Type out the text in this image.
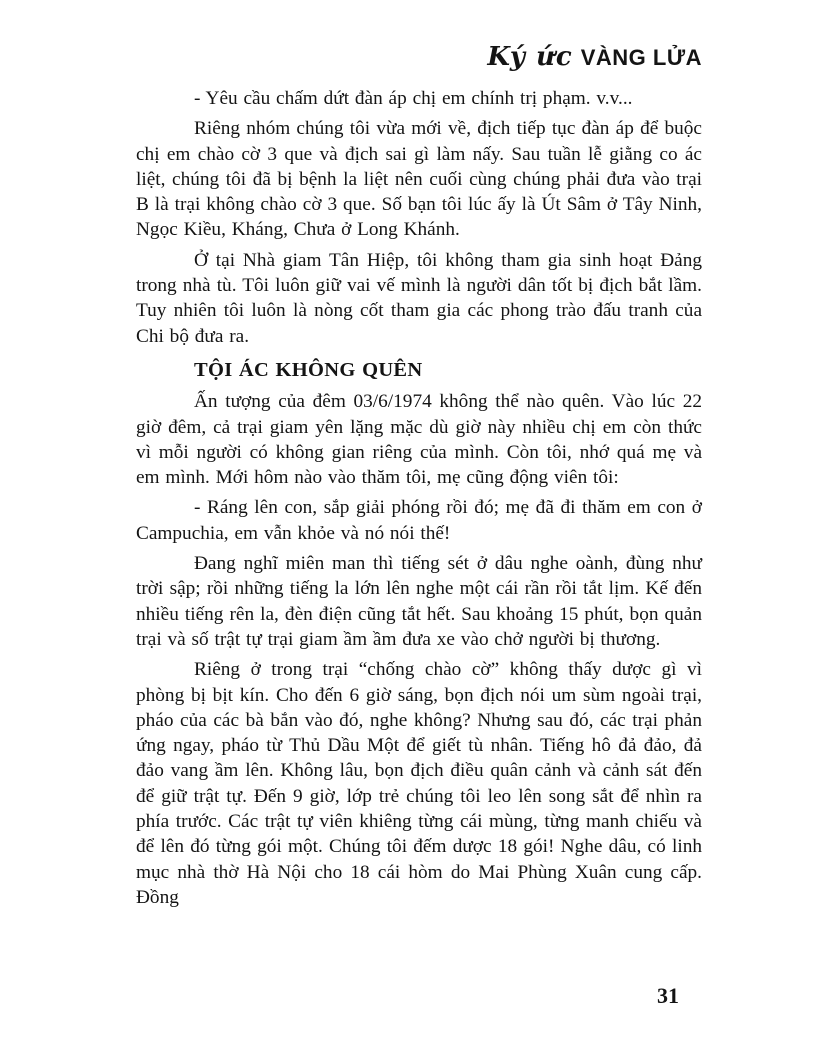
Ký ức VÀNG LỬA

- Yêu cầu chấm dứt đàn áp chị em chính trị phạm. v.v...

Riêng nhóm chúng tôi vừa mới về, địch tiếp tục đàn áp để buộc chị em chào cờ 3 que và địch sai gì làm nấy. Sau tuần lễ giằng co ác liệt, chúng tôi đã bị bệnh la liệt nên cuối cùng chúng phải đưa vào trại B là trại không chào cờ 3 que. Số bạn tôi lúc ấy là Út Sâm ở Tây Ninh, Ngọc Kiều, Kháng, Chưa ở Long Khánh.

Ở tại Nhà giam Tân Hiệp, tôi không tham gia sinh hoạt Đảng trong nhà tù. Tôi luôn giữ vai vế mình là người dân tốt bị địch bắt lầm. Tuy nhiên tôi luôn là nòng cốt tham gia các phong trào đấu tranh của Chi bộ đưa ra.

TỘI ÁC KHÔNG QUÊN

Ấn tượng của đêm 03/6/1974 không thể nào quên. Vào lúc 22 giờ đêm, cả trại giam yên lặng mặc dù giờ này nhiều chị em còn thức vì mỗi người có không gian riêng của mình. Còn tôi, nhớ quá mẹ và em mình. Mới hôm nào vào thăm tôi, mẹ cũng động viên tôi:

- Ráng lên con, sắp giải phóng rồi đó; mẹ đã đi thăm em con ở Campuchia, em vẫn khỏe và nó nói thế!

Đang nghĩ miên man thì tiếng sét ở dâu nghe oành, đùng như trời sập; rồi những tiếng la lớn lên nghe một cái rần rồi tắt lịm. Kế đến nhiều tiếng rên la, đèn điện cũng tắt hết. Sau khoảng 15 phút, bọn quản trại và số trật tự trại giam ầm ầm đưa xe vào chở người bị thương.

Riêng ở trong trại “chống chào cờ” không thấy dược gì vì phòng bị bịt kín. Cho đến 6 giờ sáng, bọn địch nói um sùm ngoài trại, pháo của các bà bắn vào đó, nghe không? Nhưng sau đó, các trại phản ứng ngay, pháo từ Thủ Dầu Một để giết tù nhân. Tiếng hô đả đảo, đả đảo vang ầm lên. Không lâu, bọn địch điều quân cảnh và cảnh sát đến để giữ trật tự. Đến 9 giờ, lớp trẻ chúng tôi leo lên song sắt để nhìn ra phía trước. Các trật tự viên khiêng từng cái mùng, từng manh chiếu và để lên đó từng gói một. Chúng tôi đếm dược 18 gói! Nghe dâu, có linh mục nhà thờ Hà Nội cho 18 cái hòm do Mai Phùng Xuân cung cấp. Đồng

31
